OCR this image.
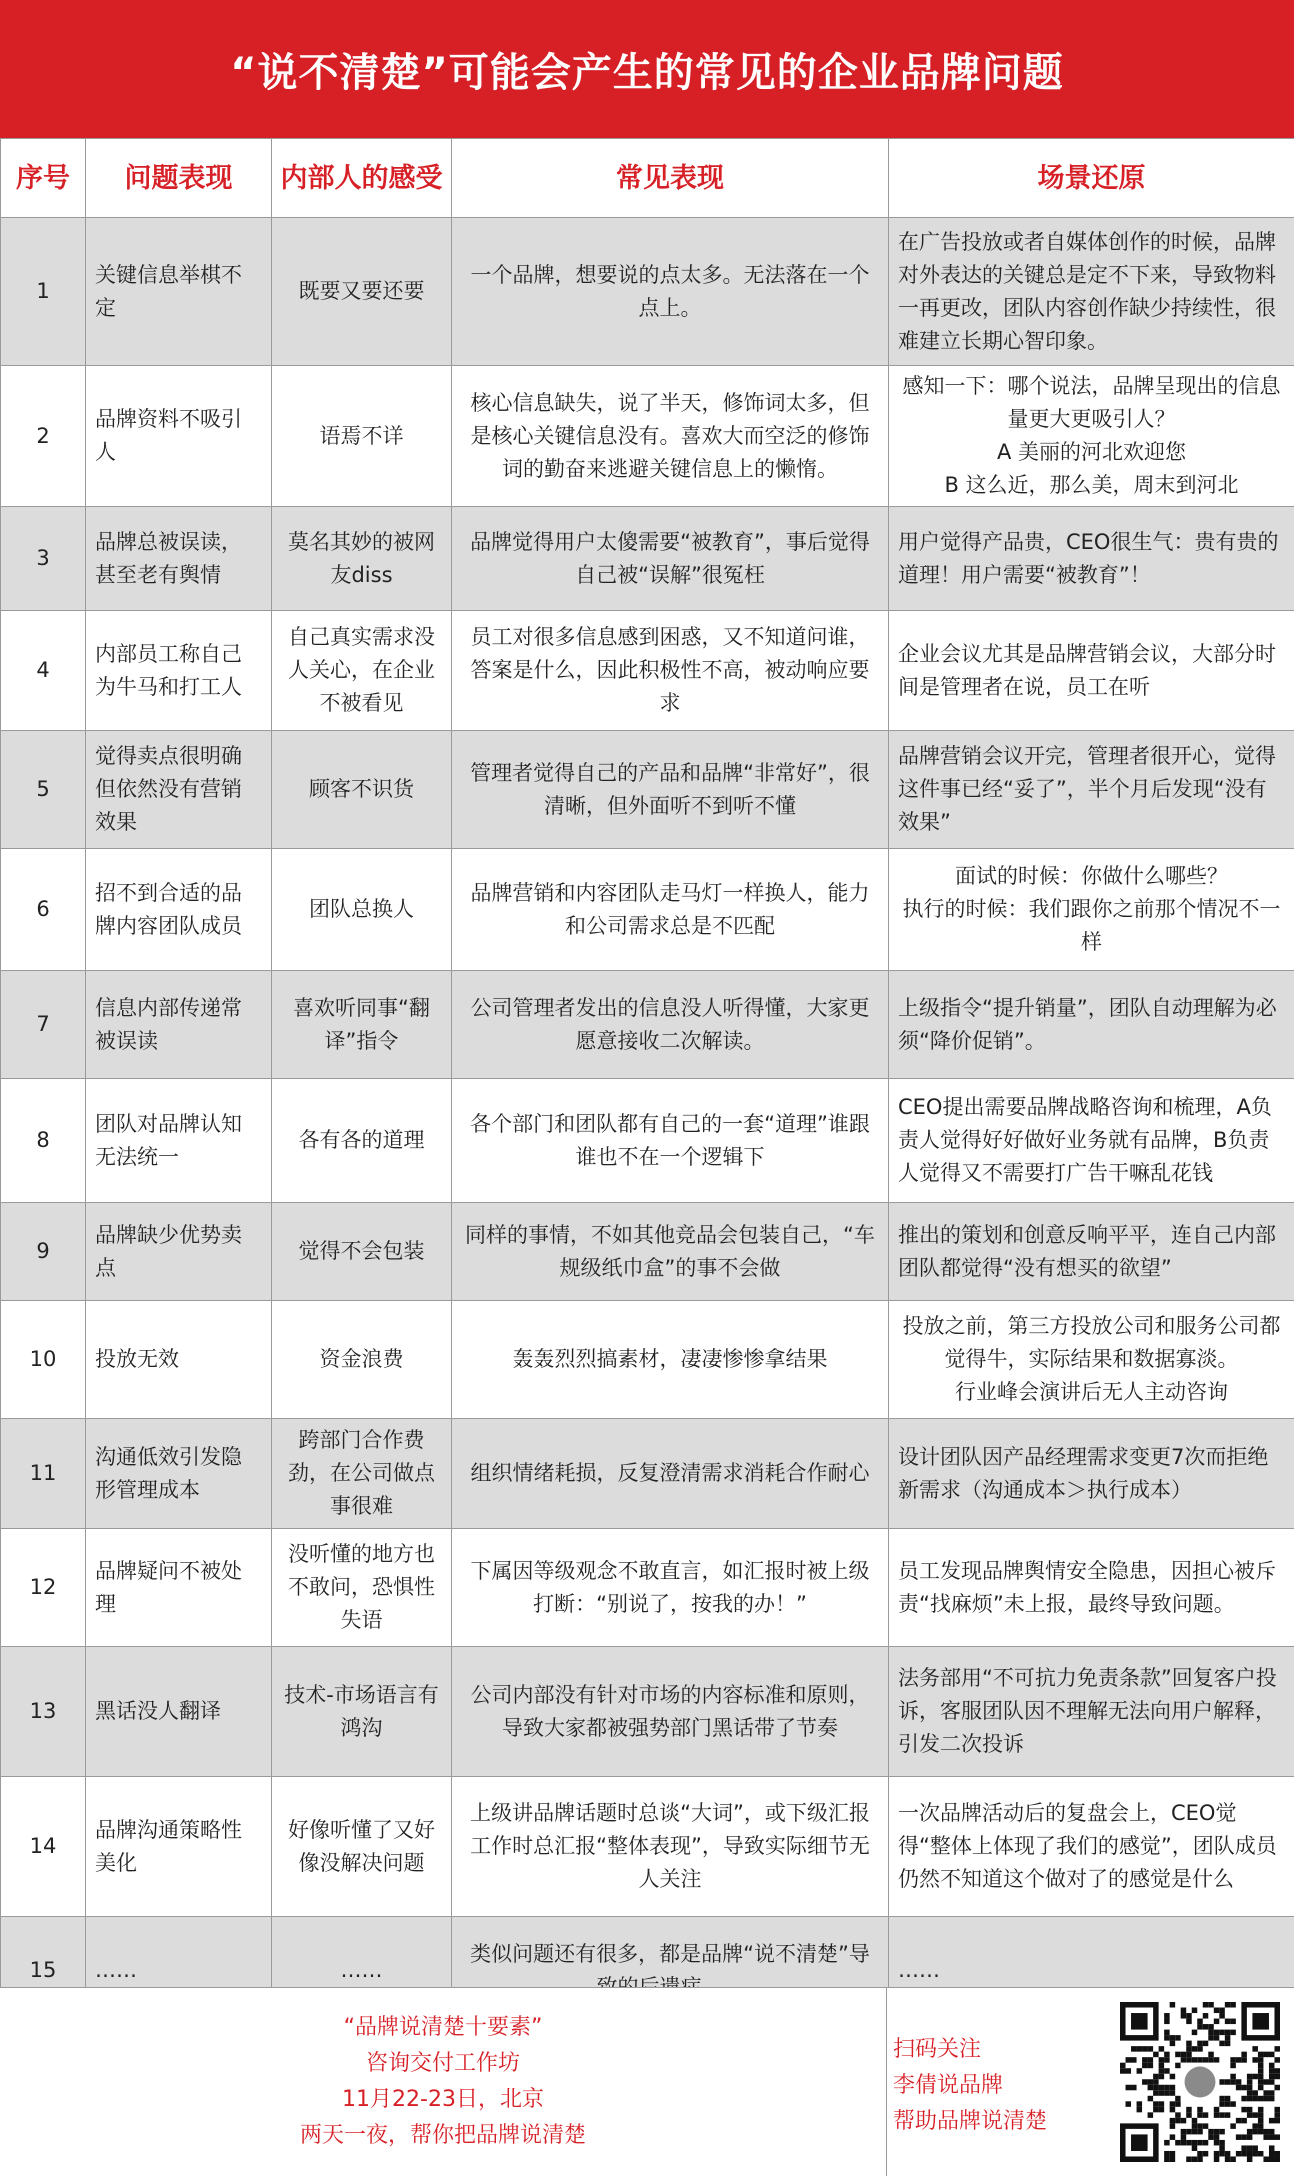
“说不清楚”可能会产生的常见的企业品牌问题
序号	问题表现	内部人的感受	常见表现	场景还原
1	关键信息举棋不定	既要又要还要	一个品牌，想要说的点太多。无法落在一个点上。	在广告投放或者自媒体创作的时候，品牌对外表达的关键总是定不下来，导致物料一再更改，团队内容创作缺少持续性，很难建立长期心智印象。
2	品牌资料不吸引人	语焉不详	核心信息缺失，说了半天，修饰词太多，但是核心关键信息没有。喜欢大而空泛的修饰词的勤奋来逃避关键信息上的懒惰。	感知一下：哪个说法，品牌呈现出的信息量更大更吸引人？
A 美丽的河北欢迎您
B 这么近，那么美，周末到河北
3	品牌总被误读，甚至老有舆情	莫名其妙的被网友diss	品牌觉得用户太傻需要“被教育”，事后觉得自己被“误解”很冤枉	用户觉得产品贵，CEO很生气：贵有贵的道理！用户需要“被教育”！
4	内部员工称自己为牛马和打工人	自己真实需求没人关心，在企业不被看见	员工对很多信息感到困惑，又不知道问谁，答案是什么，因此积极性不高，被动响应要求	企业会议尤其是品牌营销会议，大部分时间是管理者在说，员工在听
5	觉得卖点很明确但依然没有营销效果	顾客不识货	管理者觉得自己的产品和品牌“非常好”，很清晰，但外面听不到听不懂	品牌营销会议开完，管理者很开心，觉得这件事已经“妥了”，半个月后发现“没有效果”
6	招不到合适的品牌内容团队成员	团队总换人	品牌营销和内容团队走马灯一样换人，能力和公司需求总是不匹配	面试的时候：你做什么哪些？
执行的时候：我们跟你之前那个情况不一样
7	信息内部传递常被误读	喜欢听同事“翻译”指令	公司管理者发出的信息没人听得懂，大家更愿意接收二次解读。	上级指令“提升销量”，团队自动理解为必须“降价促销”。
8	团队对品牌认知无法统一	各有各的道理	各个部门和团队都有自己的一套“道理”谁跟谁也不在一个逻辑下	CEO提出需要品牌战略咨询和梳理，A负责人觉得好好做好业务就有品牌，B负责人觉得又不需要打广告干嘛乱花钱
9	品牌缺少优势卖点	觉得不会包装	同样的事情，不如其他竞品会包装自己，“车规级纸巾盒”的事不会做	推出的策划和创意反响平平，连自己内部团队都觉得“没有想买的欲望”
10	投放无效	资金浪费	轰轰烈烈搞素材，凄凄惨惨拿结果	投放之前，第三方投放公司和服务公司都觉得牛，实际结果和数据寡淡。
行业峰会演讲后无人主动咨询
11	沟通低效引发隐形管理成本	跨部门合作费劲，在公司做点事很难	组织情绪耗损，反复澄清需求消耗合作耐心	设计团队因产品经理需求变更7次而拒绝新需求（沟通成本＞执行成本）
12	品牌疑问不被处理	没听懂的地方也不敢问，恐惧性失语	下属因等级观念不敢直言，如汇报时被上级打断：“别说了，按我的办！”	员工发现品牌舆情安全隐患，因担心被斥责“找麻烦”未上报，最终导致问题。
13	黑话没人翻译	技术-市场语言有鸿沟	公司内部没有针对市场的内容标准和原则，导致大家都被强势部门黑话带了节奏	法务部用“不可抗力免责条款”回复客户投诉，客服团队因不理解无法向用户解释，引发二次投诉
14	品牌沟通策略性美化	好像听懂了又好像没解决问题	上级讲品牌话题时总谈“大词”，或下级汇报工作时总汇报“整体表现”，导致实际细节无人关注	一次品牌活动后的复盘会上，CEO觉得“整体上体现了我们的感觉”，团队成员仍然不知道这个做对了的感觉是什么
15	……	……	类似问题还有很多，都是品牌“说不清楚”导	……
“品牌说清楚十要素”
咨询交付工作坊
11月22-23日，北京
两天一夜，帮你把品牌说清楚
扫码关注
李倩说品牌
帮助品牌说清楚
